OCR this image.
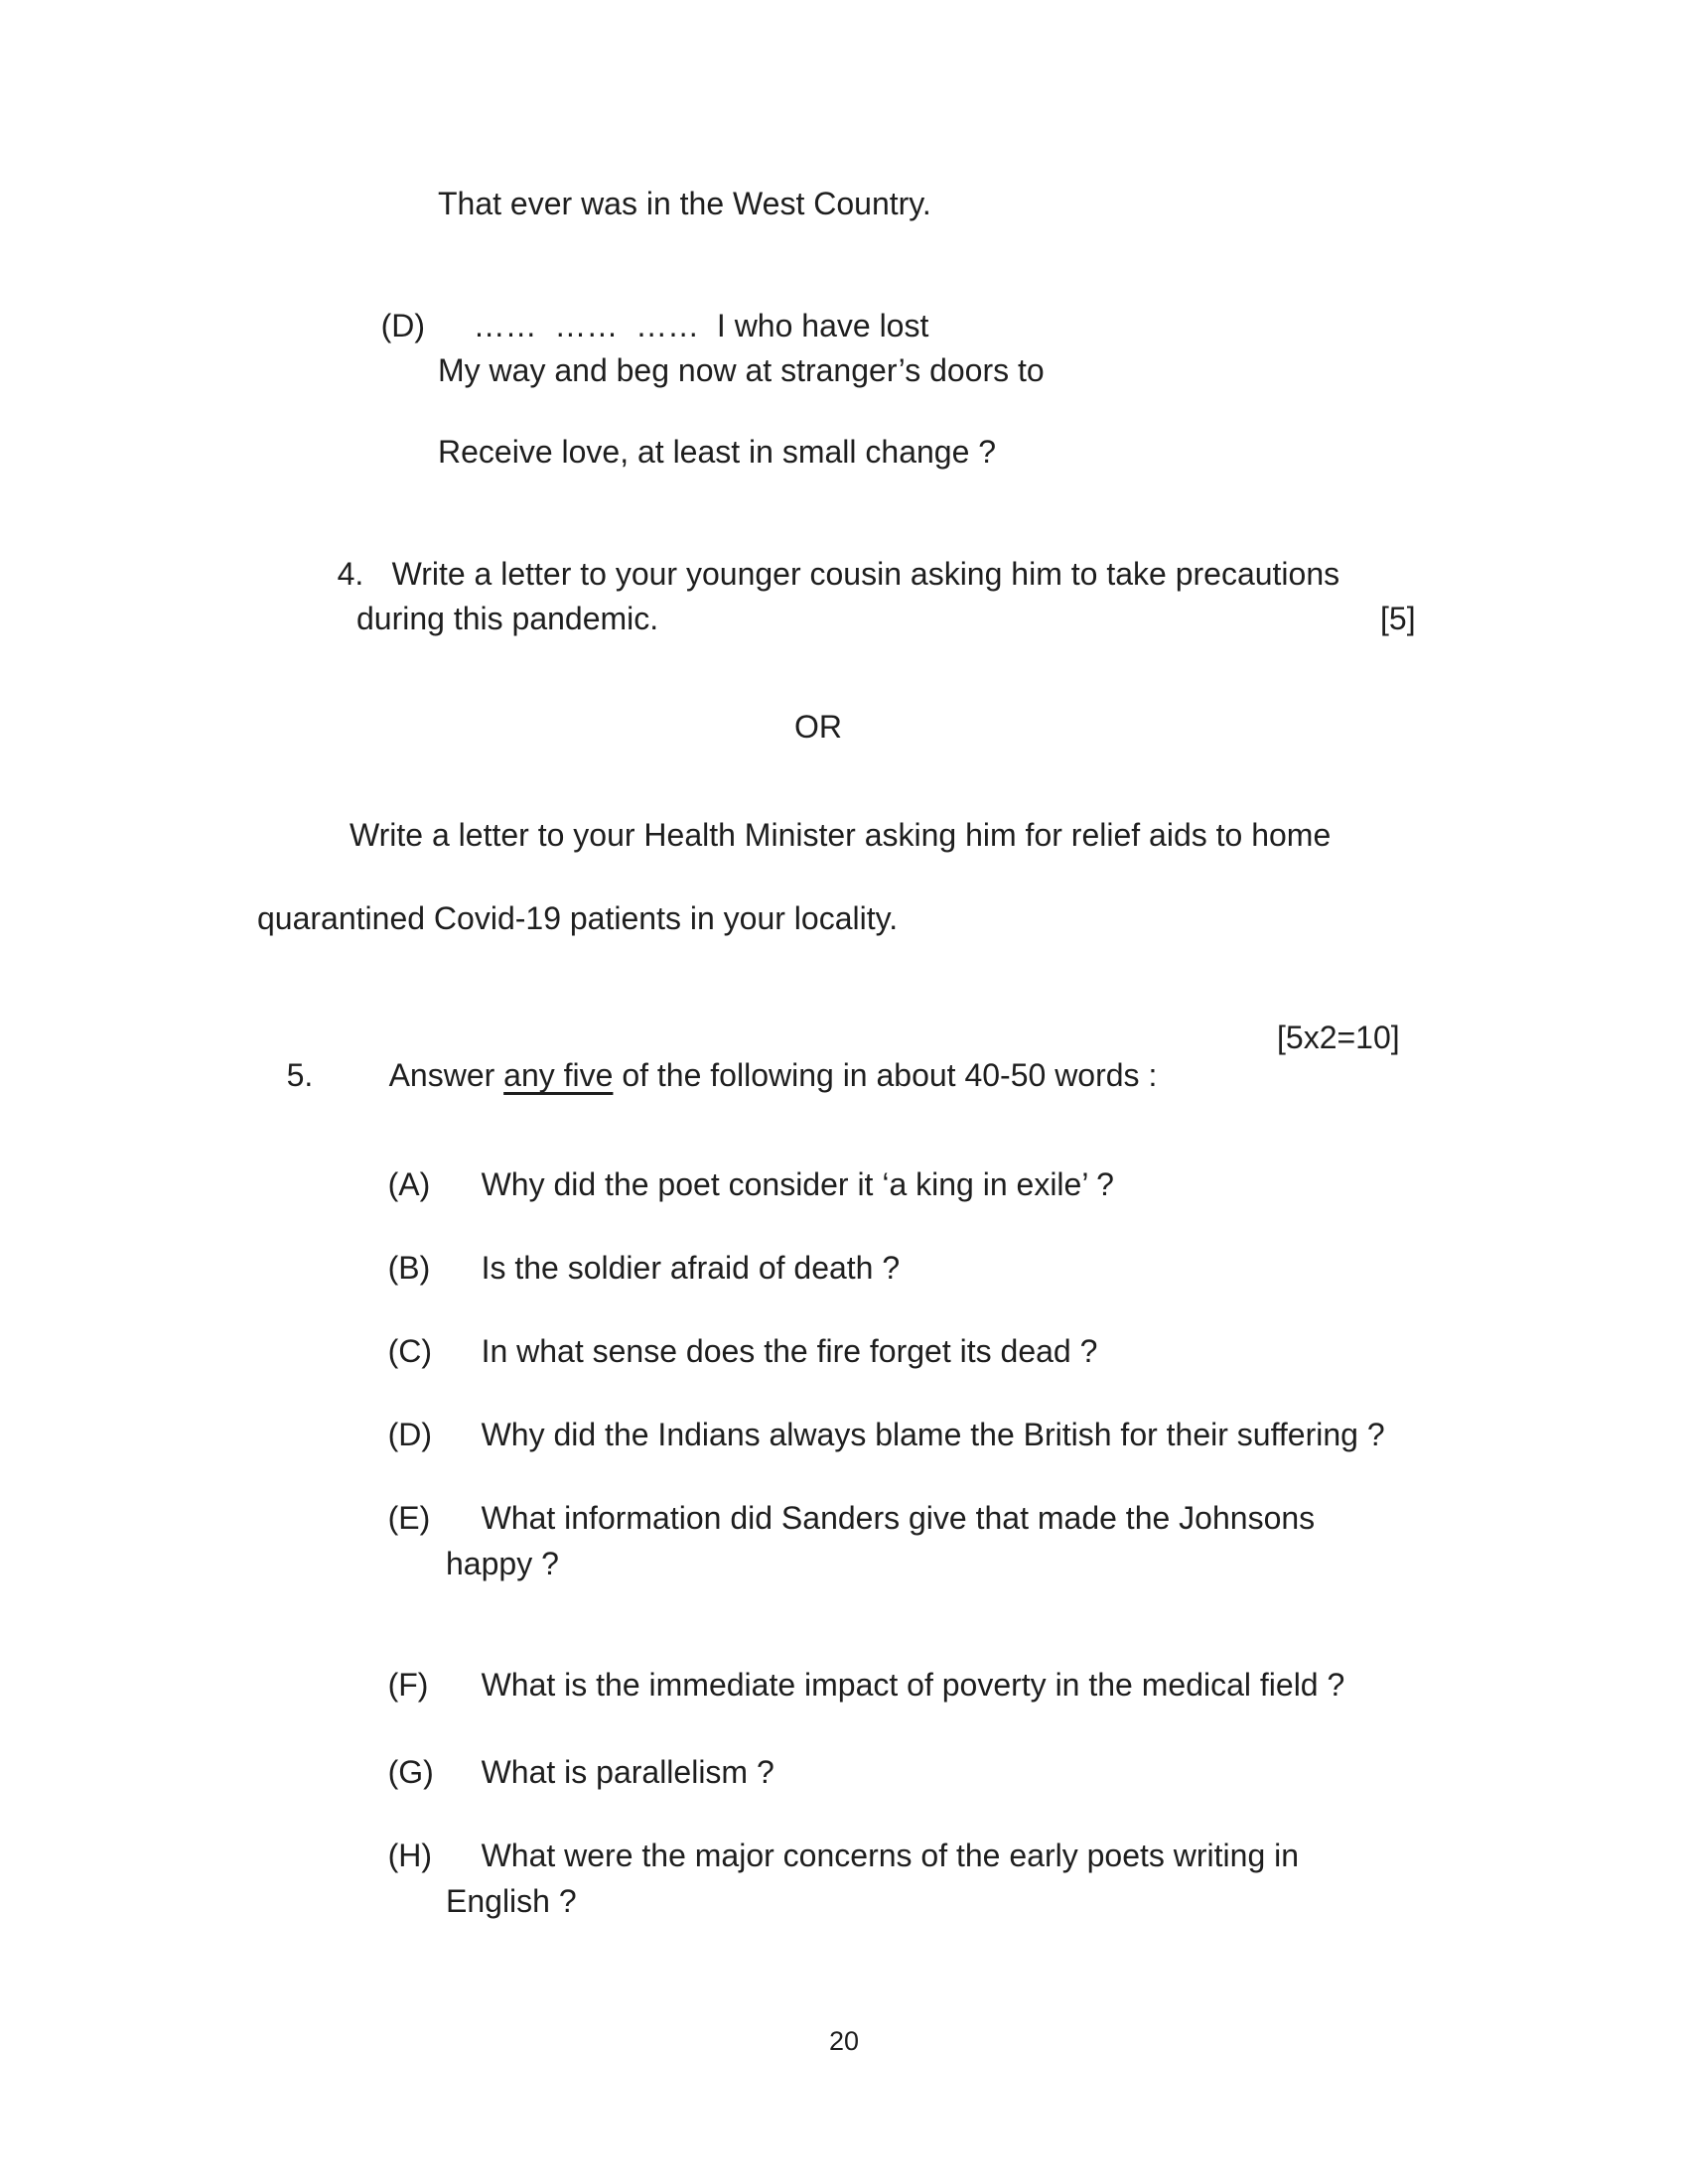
That ever was in the West Country.

(D) ……  ……  ……  I who have lost

My way and beg now at stranger’s doors to
Receive love, at least in small change ?

4. Write a letter to your younger cousin asking him to take precautions

during this pandemic.	[5]
OR
Write a letter to your Health Minister asking him for relief aids to home
quarantined Covid-19 patients in your locality.

5. Answer any five of the following in about 40-50 words :

[5x2=10]

(A) Why did the poet consider it ‘a king in exile’ ?

(B) Is the soldier afraid of death ?

(C) In what sense does the fire forget its dead ?

(D) Why did the Indians always blame the British for their suffering ?

(E) What information did Sanders give that made the Johnsons

happy ?

(F) What is the immediate impact of poverty in the medical field ?

(G) What is parallelism ?

(H) What were the major concerns of the early poets writing in

English ?
20
